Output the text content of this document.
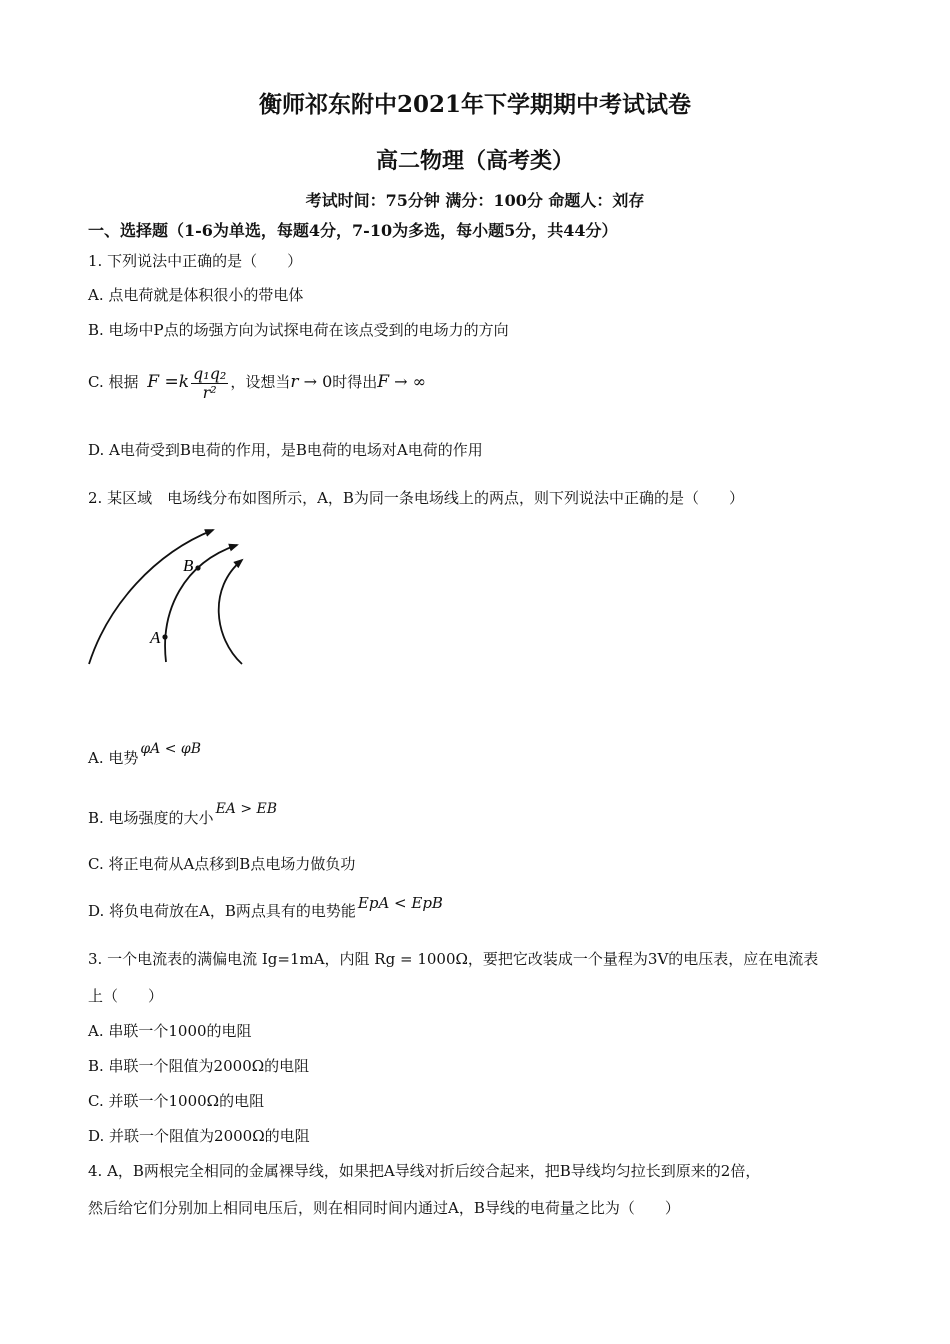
衡师祁东附中2021年下学期期中考试试卷
高二物理（高考类）
考试时间：75分钟 满分：100分 命题人：刘存
一、选择题（1-6为单选，每题4分，7-10为多选，每小题5分，共44分）
1. 下列说法中正确的是（　　）
A. 点电荷就是体积很小的带电体
B. 电场中P点的场强方向为试探电荷在该点受到的电场力的方向
C. 根据 $F =k \frac{\text{q₁q₂}}{\text{r²}}$ ，设想当r → 0时得出F → ∞
D. A电荷受到B电荷的作用，是B电荷的电场对A电荷的作用
2. 某区域　电场线分布如图所示，A，B为同一条电场线上的两点，则下列说法中正确的是（　　）
A
B
A. 电势 φA < φB
B. 电场强度的大小 EA > EB
C. 将正电荷从A点移到B点电场力做负功
D. 将负电荷放在A，B两点具有的电势能 EpA < EpB
3. 一个电流表的满偏电流 Ig=1mA，内阻 Rg = 1000Ω，要把它改装成一个量程为3V的电压表，应在电流表
上（　　）
A. 串联一个1000的电阻
B. 串联一个阻值为2000Ω的电阻
C. 并联一个1000Ω的电阻
D. 并联一个阻值为2000Ω的电阻
4. A，B两根完全相同的金属裸导线，如果把A导线对折后绞合起来，把B导线均匀拉长到原来的2倍，
然后给它们分别加上相同电压后，则在相同时间内通过A，B导线的电荷量之比为（　　）
